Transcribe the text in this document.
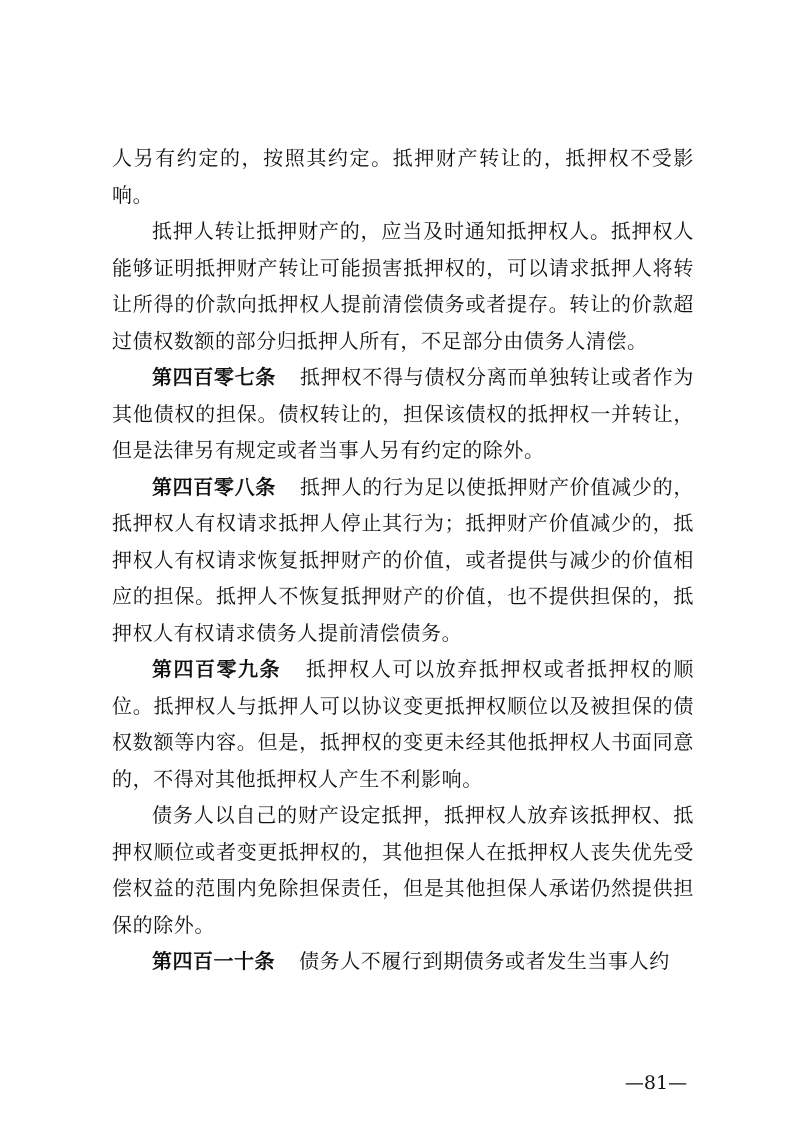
人另有约定的，按照其约定。抵押财产转让的，抵押权不受影响。

抵押人转让抵押财产的，应当及时通知抵押权人。抵押权人能够证明抵押财产转让可能损害抵押权的，可以请求抵押人将转让所得的价款向抵押权人提前清偿债务或者提存。转让的价款超过债权数额的部分归抵押人所有，不足部分由债务人清偿。

第四百零七条 抵押权不得与债权分离而单独转让或者作为其他债权的担保。债权转让的，担保该债权的抵押权一并转让，但是法律另有规定或者当事人另有约定的除外。

第四百零八条 抵押人的行为足以使抵押财产价值减少的，抵押权人有权请求抵押人停止其行为；抵押财产价值减少的，抵押权人有权请求恢复抵押财产的价值，或者提供与减少的价值相应的担保。抵押人不恢复抵押财产的价值，也不提供担保的，抵押权人有权请求债务人提前清偿债务。

第四百零九条 抵押权人可以放弃抵押权或者抵押权的顺位。抵押权人与抵押人可以协议变更抵押权顺位以及被担保的债权数额等内容。但是，抵押权的变更未经其他抵押权人书面同意的，不得对其他抵押权人产生不利影响。

债务人以自己的财产设定抵押，抵押权人放弃该抵押权、抵押权顺位或者变更抵押权的，其他担保人在抵押权人丧失优先受偿权益的范围内免除担保责任，但是其他担保人承诺仍然提供担保的除外。

第四百一十条 债务人不履行到期债务或者发生当事人约

—81—
